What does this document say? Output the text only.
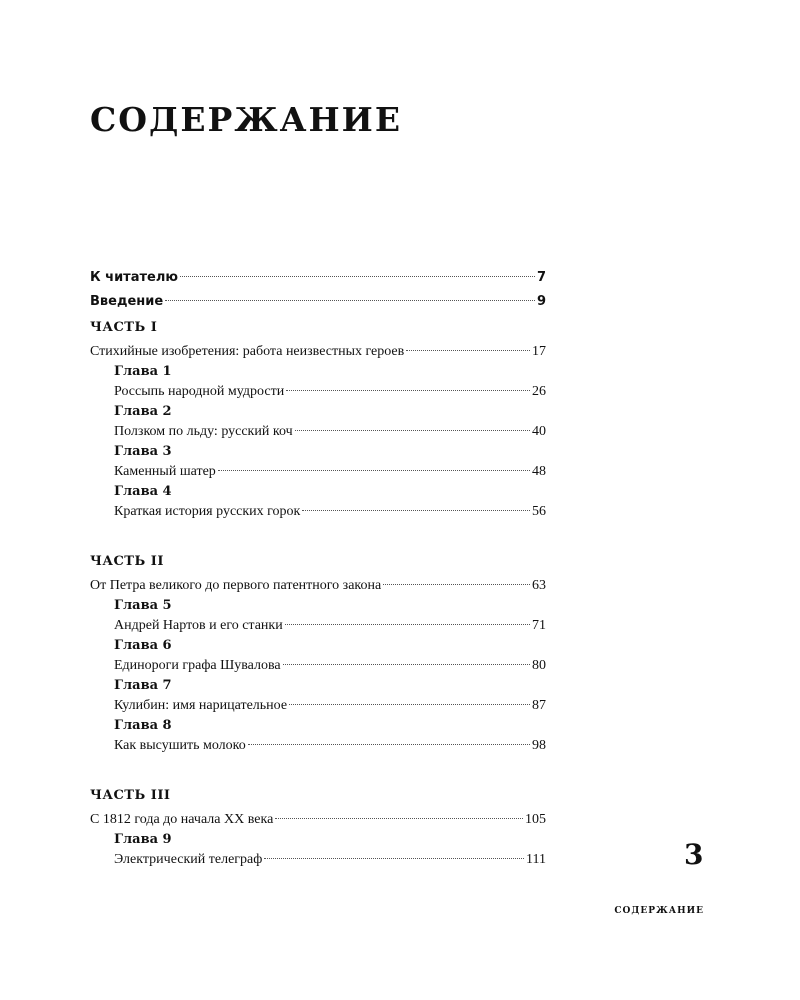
СОДЕРЖАНИЕ
К читателю	7
Введение	9
ЧАСТЬ I
Стихийные изобретения: работа неизвестных героев	17
Глава 1
Россыпь народной мудрости	26
Глава 2
Ползком по льду: русский коч	40
Глава 3
Каменный шатер	48
Глава 4
Краткая история русских горок	56
ЧАСТЬ II
От Петра великого до первого патентного закона	63
Глава 5
Андрей Нартов и его станки	71
Глава 6
Единороги графа Шувалова	80
Глава 7
Кулибин: имя нарицательное	87
Глава 8
Как высушить молоко	98
ЧАСТЬ III
С 1812 года до начала XX века	105
Глава 9
Электрический телеграф	111	3
СОДЕРЖАНИЕ
